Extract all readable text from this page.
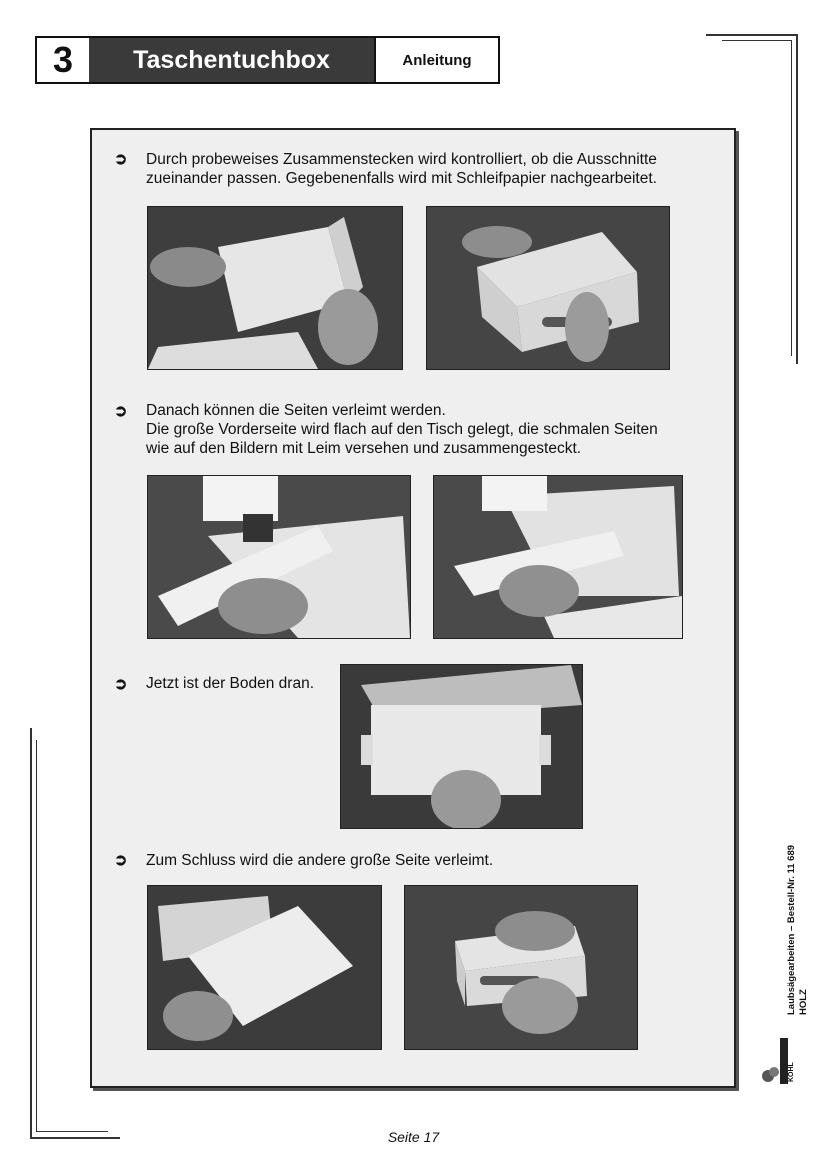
3	Taschentuchbox	Anleitung
➲ Durch probeweises Zusammenstecken wird kontrolliert, ob die Ausschnitte
zueinander passen. Gegebenenfalls wird mit Schleifpapier nachgearbeitet.
➲ Danach können die Seiten verleimt werden.
Die große Vorderseite wird flach auf den Tisch gelegt, die schmalen Seiten
wie auf den Bildern mit Leim versehen und zusammengesteckt.
➲ Jetzt ist der Boden dran.
➲ Zum Schluss wird die andere große Seite verleimt.	Laubsägearbeiten – Bestell-Nr. 11 689 HOLZ
KOHL
Seite 17
